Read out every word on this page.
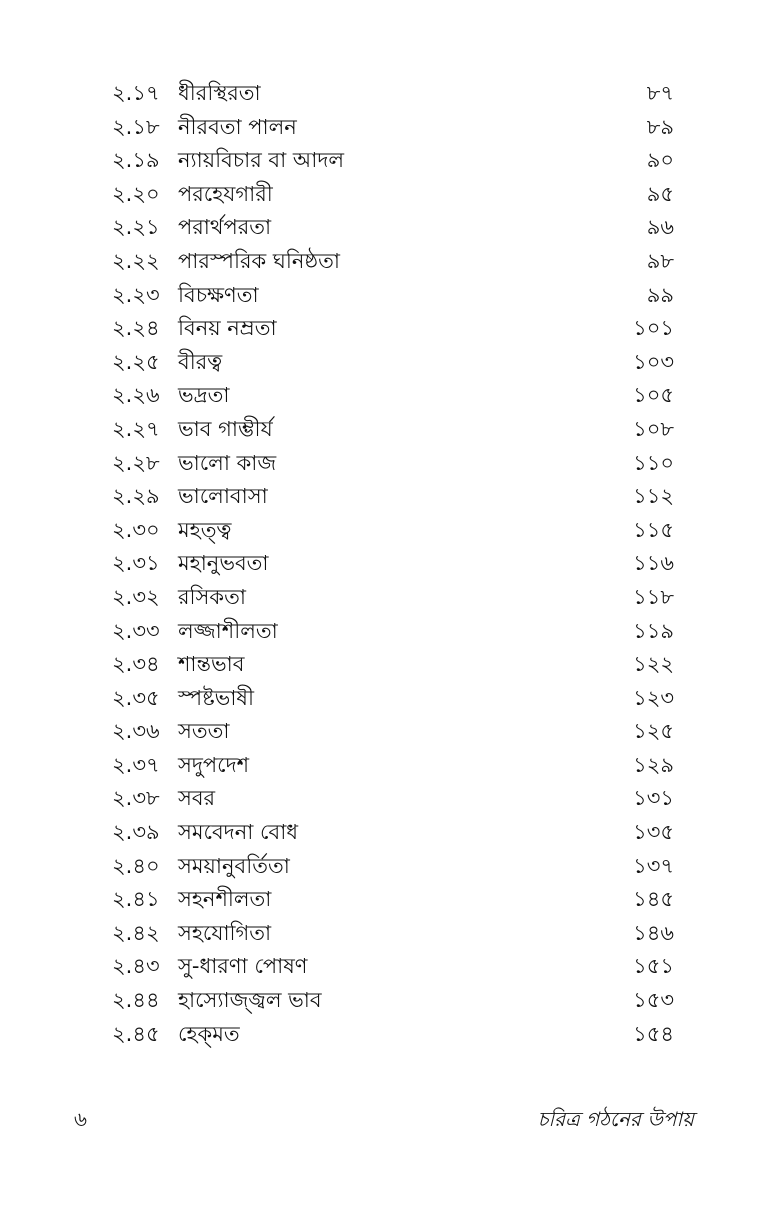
২.১৭ ধীরস্থিরতা	৮৭
২.১৮ নীরবতা পালন	৮৯
২.১৯ ন্যায়বিচার বা আদল	৯০
২.২০ পরহেযগারী	৯৫
২.২১ পরার্থপরতা	৯৬
২.২২ পারস্পরিক ঘনিষ্ঠতা	৯৮
২.২৩ বিচক্ষণতা	৯৯
২.২৪ বিনয় নম্রতা	১০১
২.২৫ বীরত্ব	১০৩
২.২৬ ভদ্রতা	১০৫
২.২৭ ভাব গাম্ভীর্য	১০৮
২.২৮ ভালো কাজ	১১০
২.২৯ ভালোবাসা	১১২
২.৩০ মহত্ত্ব	১১৫
২.৩১ মহানুভবতা	১১৬
২.৩২ রসিকতা	১১৮
২.৩৩ লজ্জাশীলতা	১১৯
২.৩৪ শান্তভাব	১২২
২.৩৫ স্পষ্টভাষী	১২৩
২.৩৬ সততা	১২৫
২.৩৭ সদুপদেশ	১২৯
২.৩৮ সবর	১৩১
২.৩৯ সমবেদনা বোধ	১৩৫
২.৪০ সময়ানুবর্তিতা	১৩৭
২.৪১ সহনশীলতা	১৪৫
২.৪২ সহযোগিতা	১৪৬
২.৪৩ সু-ধারণা পোষণ	১৫১
২.৪৪ হাস্যোজ্জ্বল ভাব	১৫৩
২.৪৫ হেক্‌মত	১৫৪
৬	চরিত্র গঠনের উপায়
